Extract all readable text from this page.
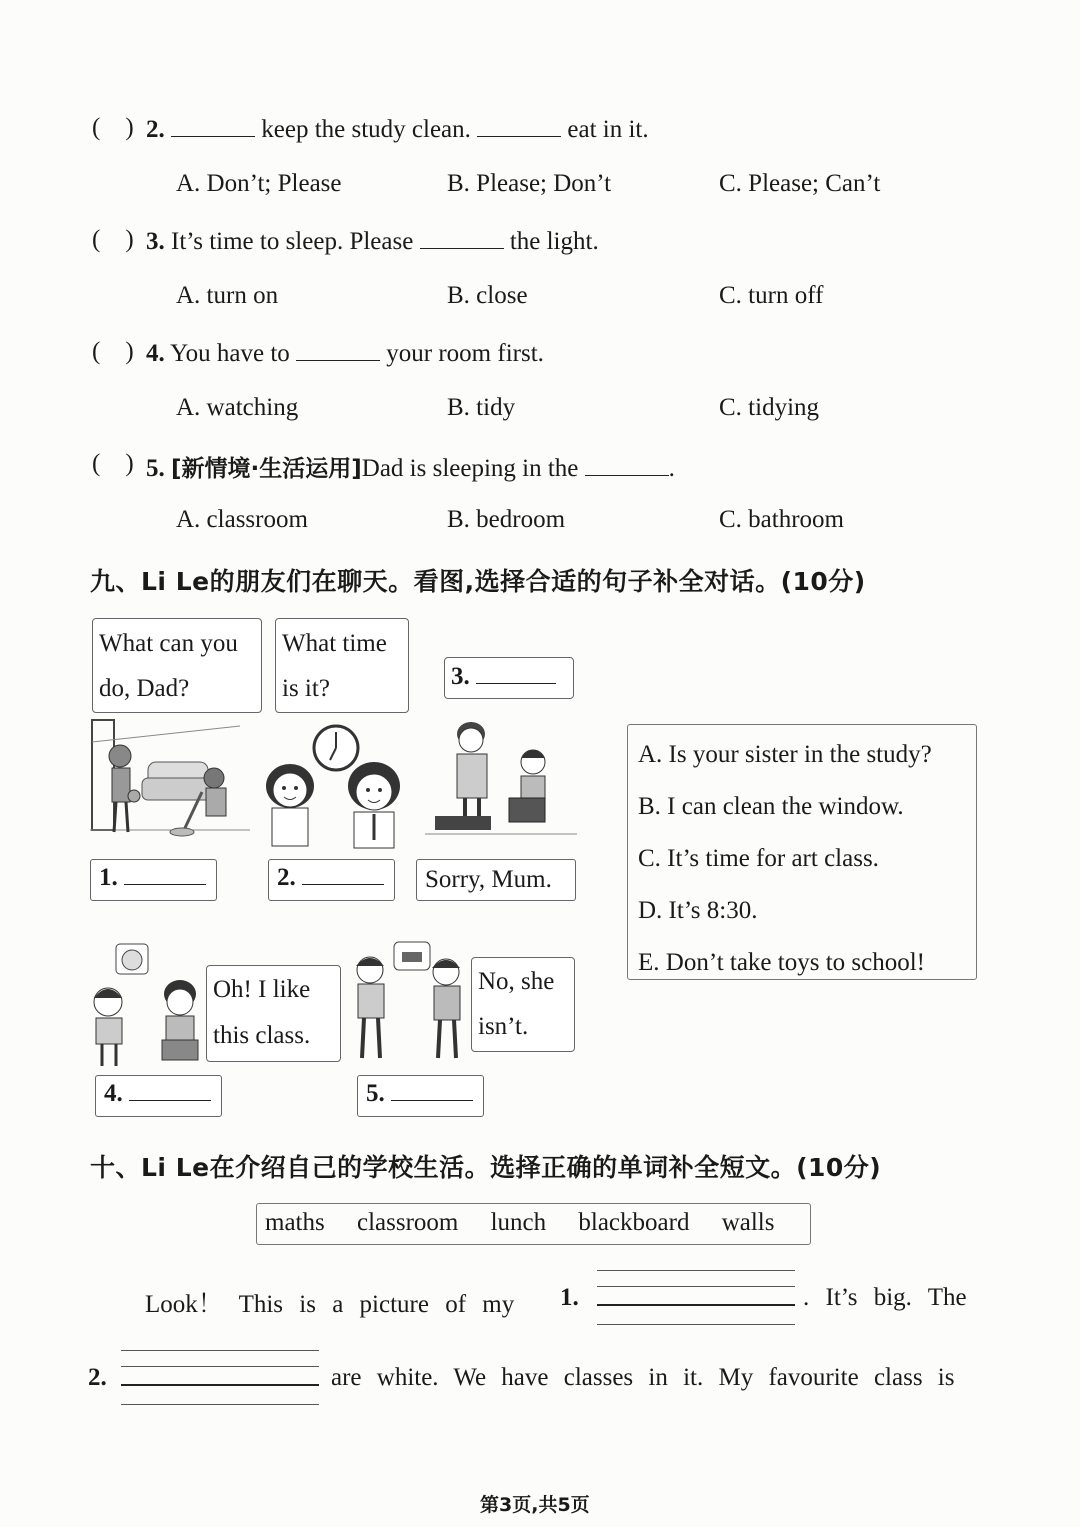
(    ) 2.	keep the study clean.	eat in it.
A. Don’t; Please	B. Please; Don’t	C. Please; Can’t
(    ) 3. It’s time to sleep. Please	the light.
A. turn on	B. close	C. turn off
(    ) 4. You have to	your room first.
A. watching	B. tidy	C. tidying
(    ) 5. [新情境·生活运用]Dad is sleeping in the	.
A. classroom	B. bedroom	C. bathroom
九、Li Le的朋友们在聊天。看图,选择合适的句子补全对话。(10分)
What can you
do, Dad?
What time
is it?	3.
1.	2.	Sorry, Mum.
A. Is your sister in the study?
B. I can clean the window.
C. It’s time for art class.
D. It’s 8:30.
E. Don’t take toys to school!
Oh! I like
this class.
No, she
isn’t.
4.	5.
十、Li Le在介绍自己的学校生活。选择正确的单词补全短文。(10分)
maths classroom lunch blackboard walls
Look！ This is a picture of my 1.	. It’s big. The
2.	are white. We have classes in it. My favourite class is
第3页,共5页
